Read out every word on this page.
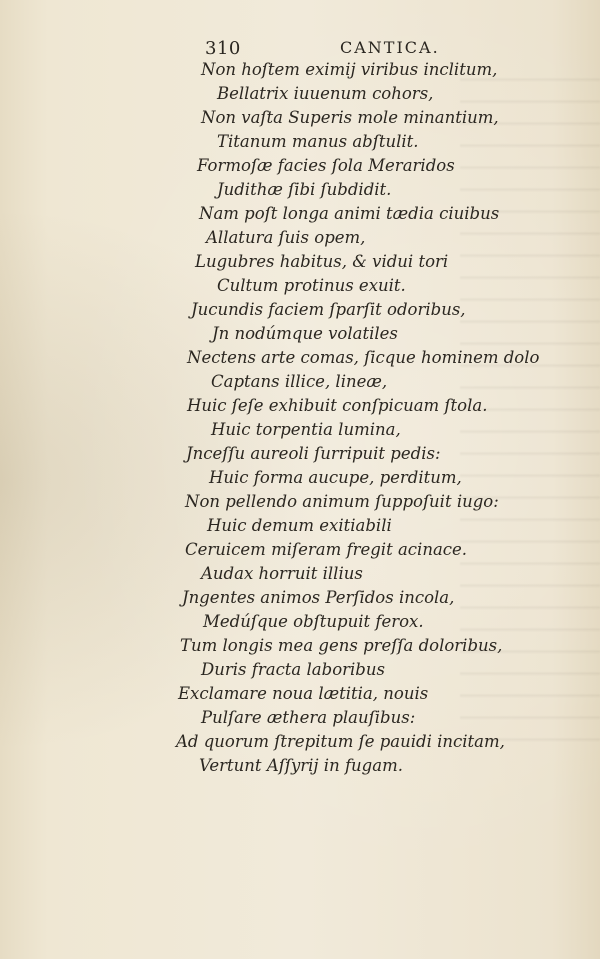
310	CANTICA.
Non hoſtem eximij viribus inclitum,
Bellatrix iuuenum cohors,
Non vaſta Superis mole minantium,
Titanum manus abſtulit.
Formoſæ facies ſola Meraridos
Judithæ ſibi ſubdidit.
Nam poſt longa animi tædia ciuibus
Allatura ſuis opem,
Lugubres habitus, & vidui tori
Cultum protinus exuit.
Jucundis faciem ſparſit odoribus,
Jn nodúmque volatiles
Nectens arte comas, ſicque hominem dolo
Captans illice, lineæ,
Huic ſeſe exhibuit conſpicuam ſtola.
Huic torpentia lumina,
Jnceſſu aureoli ſurripuit pedis:
Huic forma aucupe, perditum,
Non pellendo animum ſuppoſuit iugo:
Huic demum exitiabili
Ceruicem miſeram fregit acinace.
Audax horruit illius
Jngentes animos Perſidos incola,
Medúſque obſtupuit ferox.
Tum longis mea gens preſſa doloribus,
Duris fracta laboribus
Exclamare noua lætitia, nouis
Pulſare æthera plauſibus:
Ad quorum ſtrepitum ſe pauidi incitam,
Vertunt Aſſyrij in fugam.
